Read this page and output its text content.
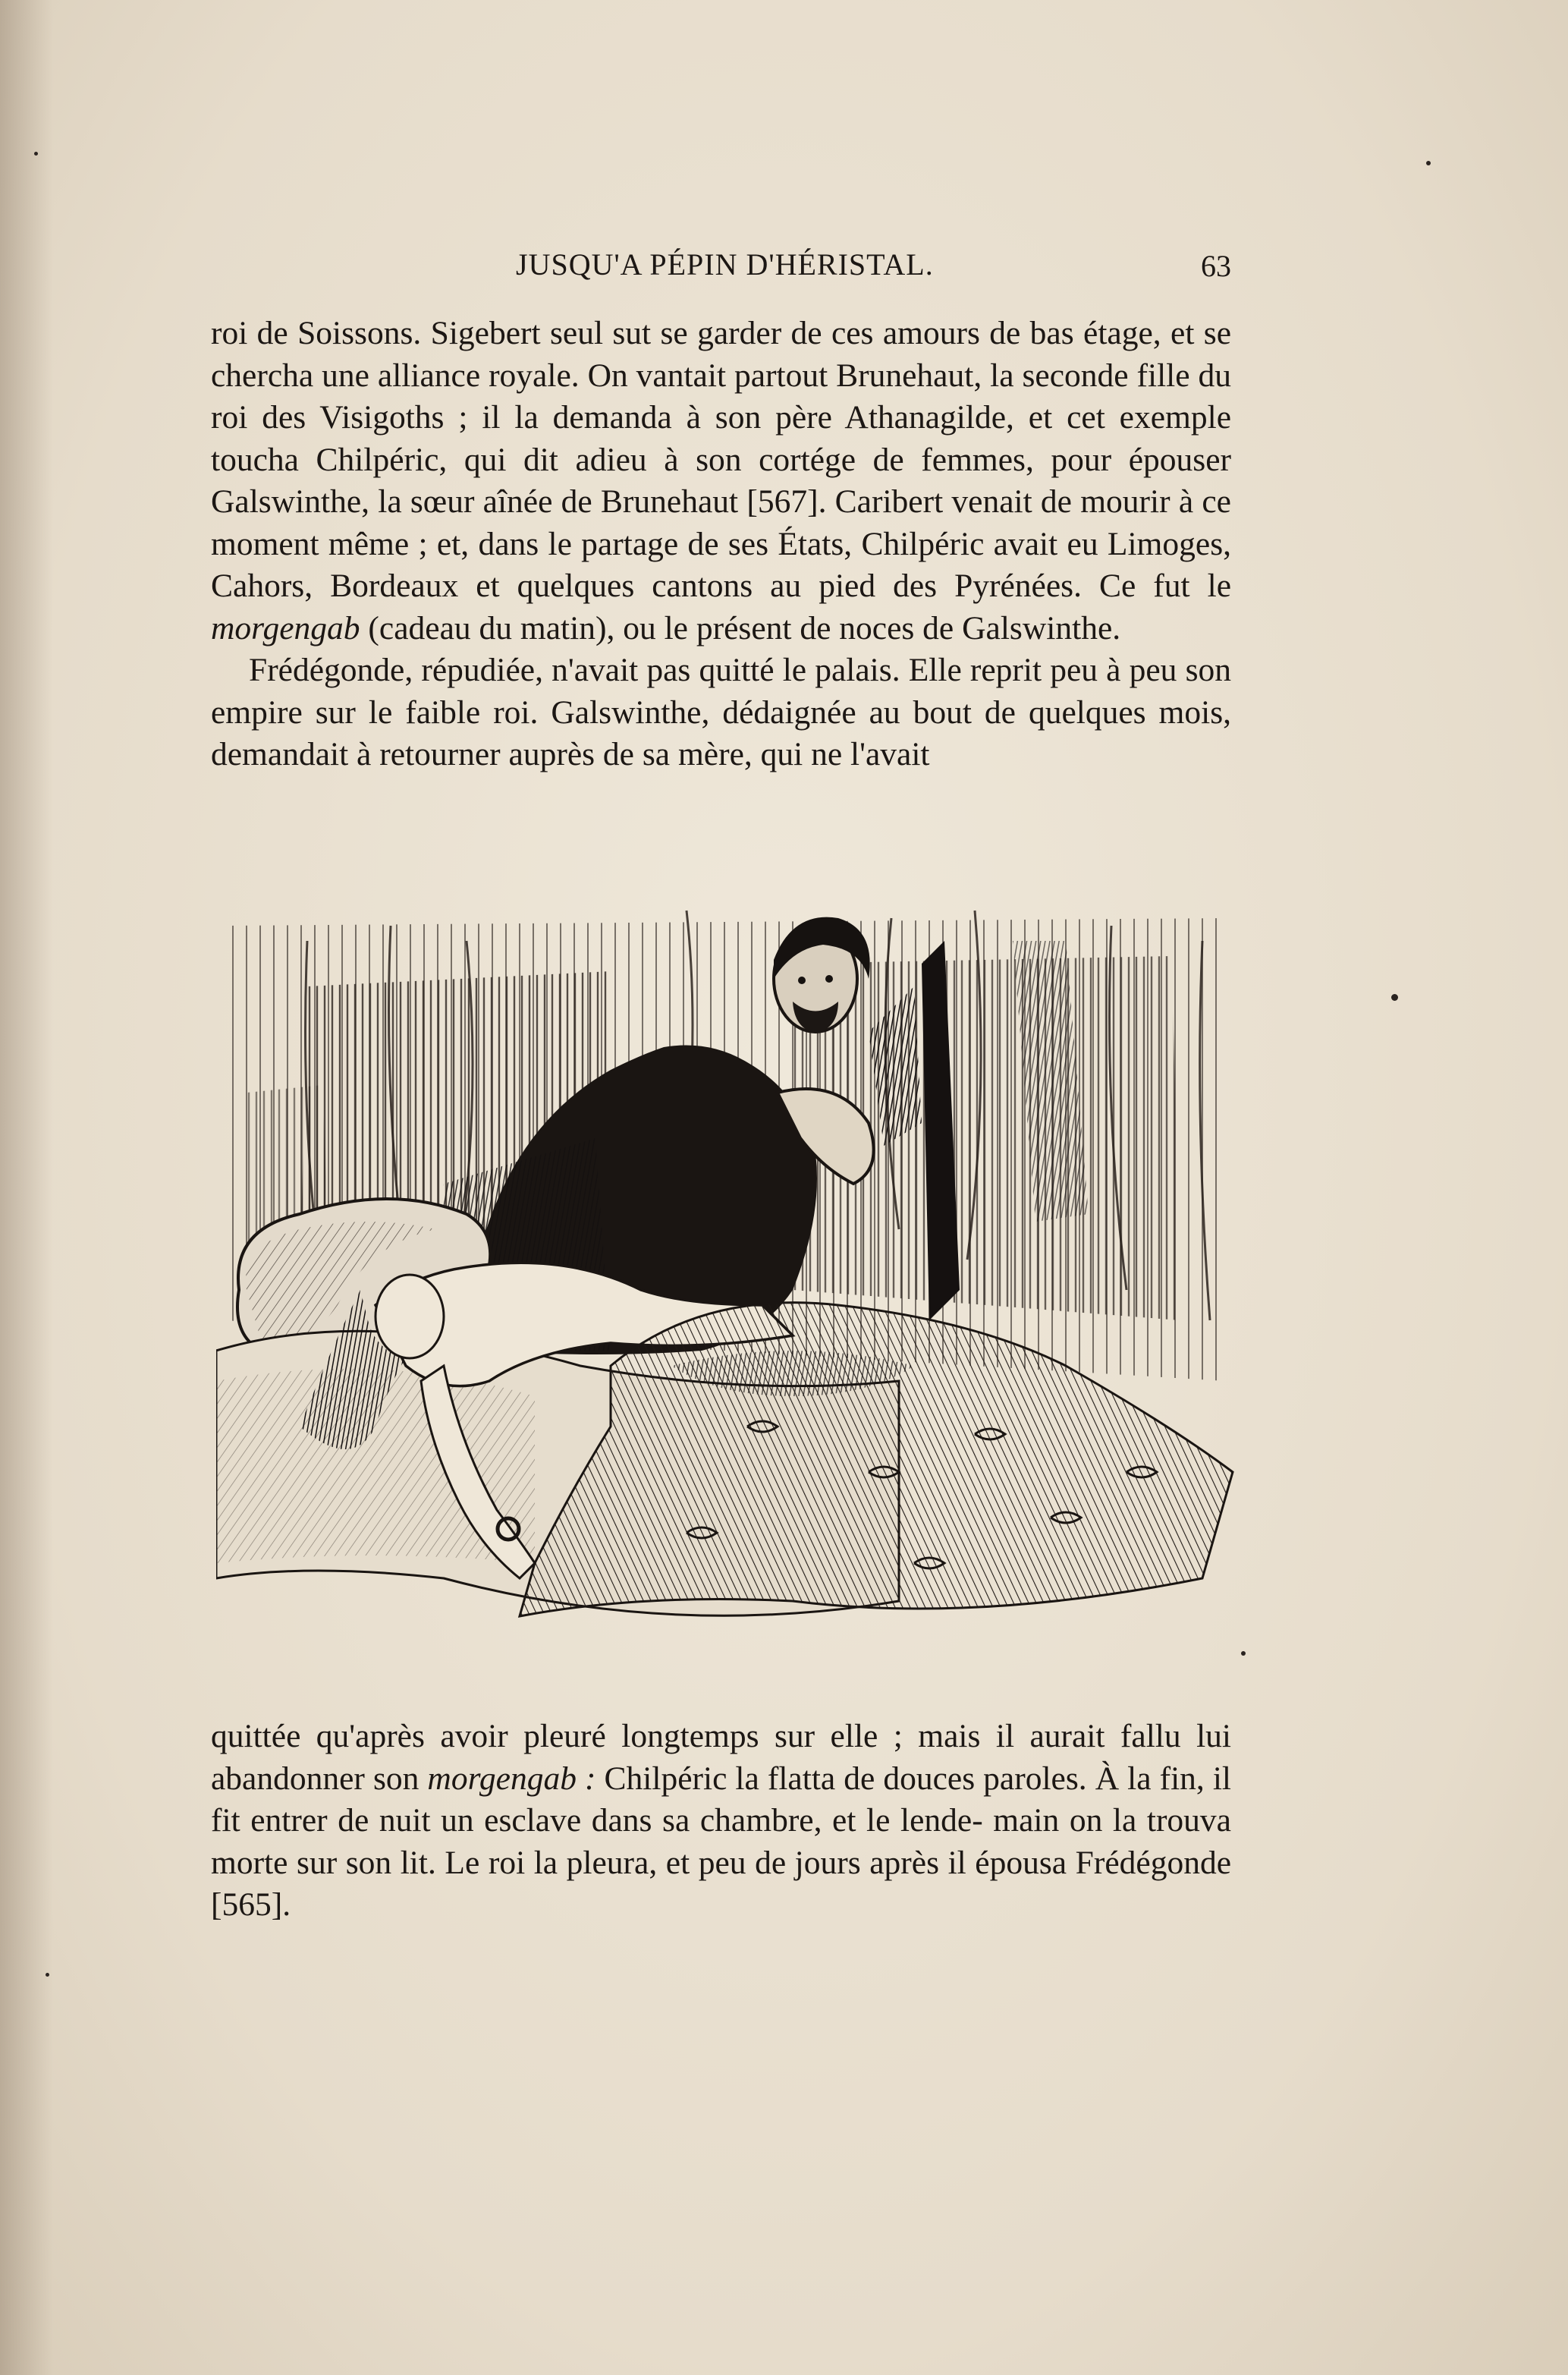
JUSQU'A PÉPIN D'HÉRISTAL.	63

roi de Soissons. Sigebert seul sut se garder de ces amours de bas étage, et se chercha une alliance royale. On vantait partout Brunehaut, la seconde fille du roi des Visigoths ; il la demanda à son père Athanagilde, et cet exemple toucha Chilpéric, qui dit adieu à son cortége de femmes, pour épouser Galswinthe, la sœur aînée de Brunehaut [567]. Caribert venait de mourir à ce moment même ; et, dans le partage de ses États, Chilpéric avait eu Limoges, Cahors, Bordeaux et quelques cantons au pied des Pyrénées. Ce fut le morgengab (cadeau du matin), ou le présent de noces de Galswinthe.

Frédégonde, répudiée, n'avait pas quitté le palais. Elle reprit peu à peu son empire sur le faible roi. Galswinthe, dédaignée au bout de quelques mois, demandait à retourner auprès de sa mère, qui ne l'avait

quittée qu'après avoir pleuré longtemps sur elle ; mais il aurait fallu lui abandonner son morgengab : Chilpéric la flatta de douces paroles. À la fin, il fit entrer de nuit un esclave dans sa chambre, et le lende- main on la trouva morte sur son lit. Le roi la pleura, et peu de jours après il épousa Frédégonde [565].
